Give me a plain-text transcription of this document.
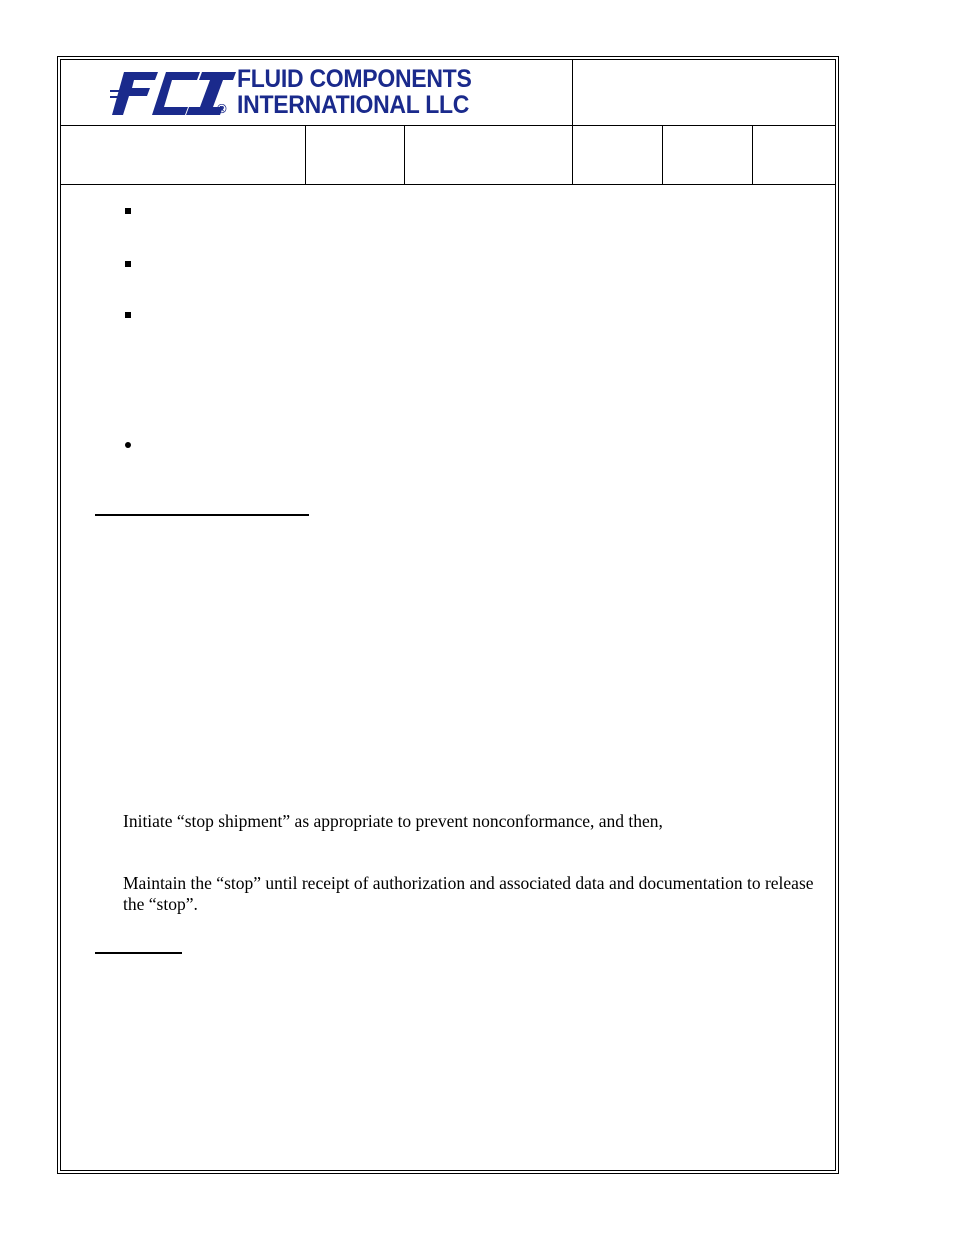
®
FLUID COMPONENTS
INTERNATIONAL LLC
Initiate “stop shipment” as appropriate to prevent nonconformance, and then,
Maintain the “stop” until receipt of authorization and associated data and documentation to release the “stop”.
